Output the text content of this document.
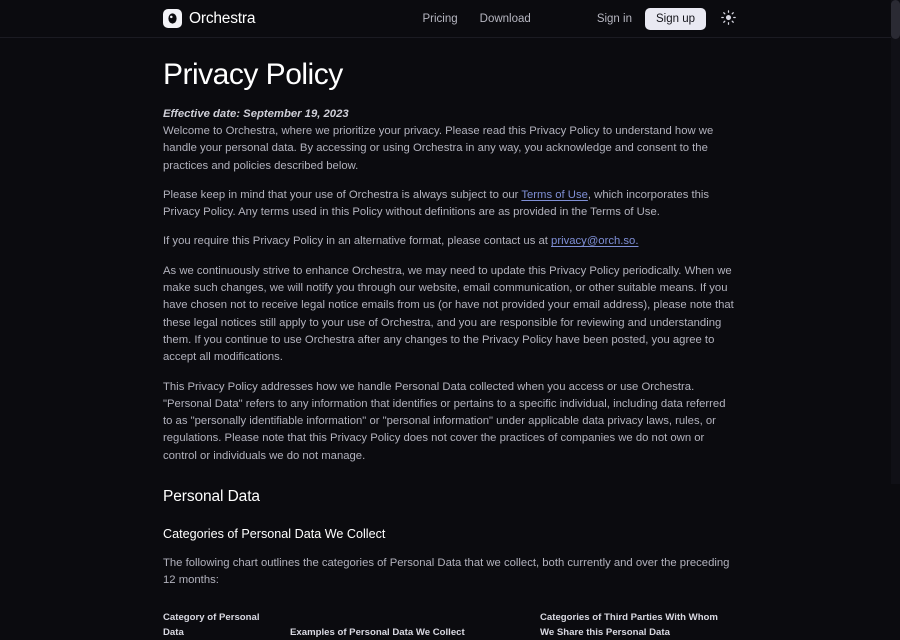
Orchestra	Pricing Download	Sign in	Sign up
Privacy Policy

Effective date: September 19, 2023
Welcome to Orchestra, where we prioritize your privacy. Please read this Privacy Policy to understand how we handle your personal data. By accessing or using Orchestra in any way, you acknowledge and consent to the practices and policies described below.

Please keep in mind that your use of Orchestra is always subject to our Terms of Use, which incorporates this Privacy Policy. Any terms used in this Policy without definitions are as provided in the Terms of Use.

If you require this Privacy Policy in an alternative format, please contact us at privacy@orch.so.

As we continuously strive to enhance Orchestra, we may need to update this Privacy Policy periodically. When we make such changes, we will notify you through our website, email communication, or other suitable means. If you have chosen not to receive legal notice emails from us (or have not provided your email address), please note that these legal notices still apply to your use of Orchestra, and you are responsible for reviewing and understanding them. If you continue to use Orchestra after any changes to the Privacy Policy have been posted, you agree to accept all modifications.

This Privacy Policy addresses how we handle Personal Data collected when you access or use Orchestra. "Personal Data" refers to any information that identifies or pertains to a specific individual, including data referred to as "personally identifiable information" or "personal information" under applicable data privacy laws, rules, or regulations. Please note that this Privacy Policy does not cover the practices of companies we do not own or control or individuals we do not manage.

Personal Data
Categories of Personal Data We Collect

The following chart outlines the categories of Personal Data that we collect, both currently and over the preceding 12 months:

Category of Personal Data	Examples of Personal Data We Collect	Categories of Third Parties With Whom We Share this Personal Data
